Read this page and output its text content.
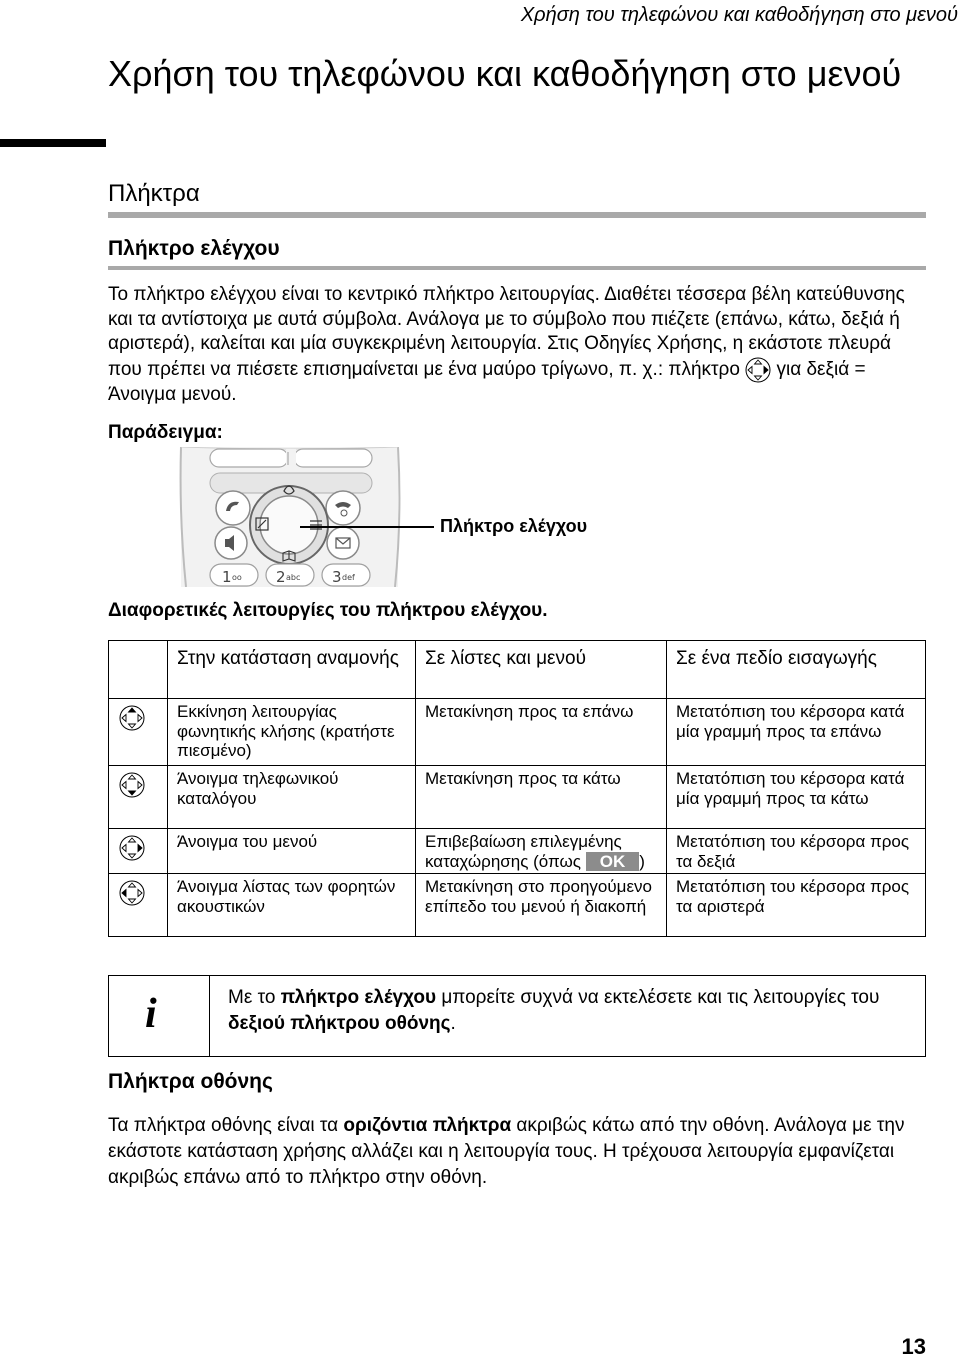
Χρήση του τηλεφώνου και καθοδήγηση στο μενού
Χρήση του τηλεφώνου και καθοδήγηση στο μενού
Πλήκτρα
Πλήκτρο ελέγχου
Το πλήκτρο ελέγχου είναι το κεντρικό πλήκτρο λειτουργίας. Διαθέτει τέσσερα βέλη κατεύθυνσης και τα αντίστοιχα με αυτά σύμβολα. Ανάλογα με το σύμβολο που πιέζετε (επάνω, κάτω, δεξιά ή αριστερά), καλείται και μία συγκεκριμένη λειτουργία. Στις Οδηγίες Χρήσης, η εκάστοτε πλευρά που πρέπει να πιέσετε επισημαίνεται με ένα μαύρο τρίγωνο, π. χ.: πλήκτρο για δεξιά = Άνοιγμα μενού.
Παράδειγμα:
1 oo 2 abc 3 def
Πλήκτρο ελέγχου
Διαφορετικές λειτουργίες του πλήκτρου ελέγχου.
	Στην κατάσταση αναμονής	Σε λίστες και μενού	Σε ένα πεδίο εισαγωγής
	Εκκίνηση λειτουργίας φωνητικής κλήσης (κρατήστε πιεσμένο)	Μετακίνηση προς τα επάνω	Μετατόπιση του κέρσορα κατά μία γραμμή προς τα επάνω
	Άνοιγμα τηλεφωνικού καταλόγου	Μετακίνηση προς τα κάτω	Μετατόπιση του κέρσορα κατά μία γραμμή προς τα κάτω
	Άνοιγμα του μενού	Επιβεβαίωση επιλεγμένης καταχώρησης (όπως OK )	Μετατόπιση του κέρσορα προς τα δεξιά
	Άνοιγμα λίστας των φορητών ακουστικών	Μετακίνηση στο προηγούμενο επίπεδο του μενού ή διακοπή	Μετατόπιση του κέρσορα προς τα αριστερά
i	Με το πλήκτρο ελέγχου μπορείτε συχνά να εκτελέσετε και τις λειτουργίες του δεξιού πλήκτρου οθόνης.
Πλήκτρα οθόνης
Τα πλήκτρα οθόνης είναι τα οριζόντια πλήκτρα ακριβώς κάτω από την οθόνη. Ανάλογα με την εκάστοτε κατάσταση χρήσης αλλάζει και η λειτουργία τους. Η τρέχουσα λειτουργία εμφανίζεται ακριβώς επάνω από το πλήκτρο στην οθόνη.
13
